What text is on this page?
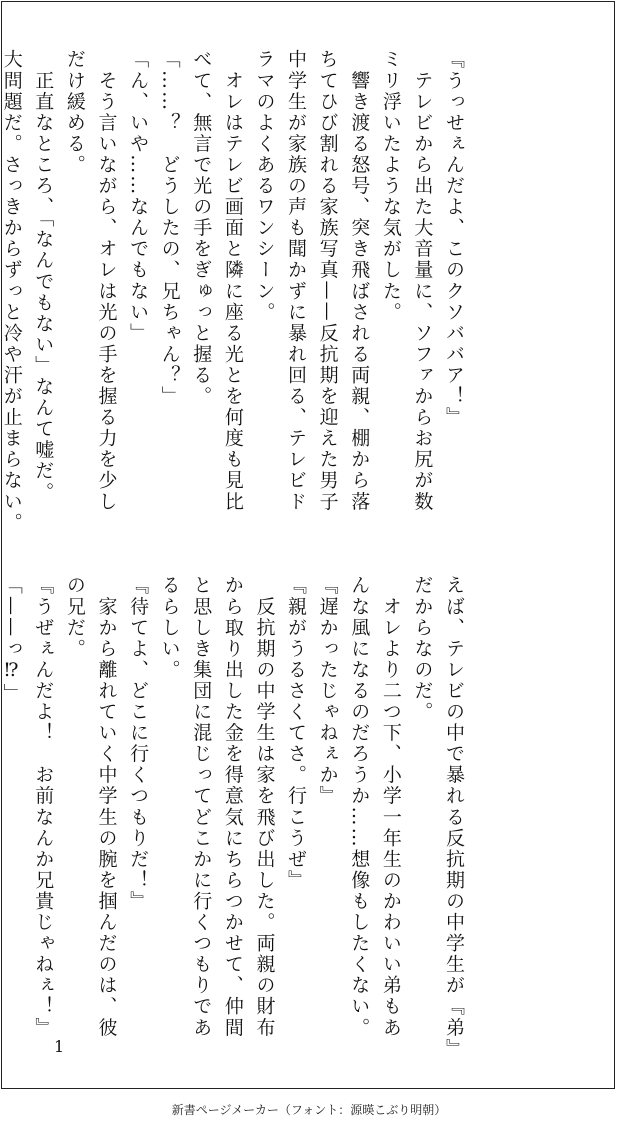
『うっせぇんだよ、このクソババア！』
　テレビから出た大音量に、ソファからお尻が数
ミリ浮いたような気がした。
　響き渡る怒号、突き飛ばされる両親、棚から落
ちてひび割れる家族写真——反抗期を迎えた男子
中学生が家族の声も聞かずに暴れ回る、テレビド
ラマのよくあるワンシーン。
　オレはテレビ画面と隣に座る光とを何度も見比
べて、無言で光の手をぎゅっと握る。
「……？　どうしたの、兄ちゃん？」
「ん、いや……なんでもない」
　そう言いながら、オレは光の手を握る力を少し
だけ緩める。
　正直なところ、「なんでもない」なんて嘘だ。
大問題だ。さっきからずっと冷や汗が止まらない。
えば、テレビの中で暴れる反抗期の中学生が『弟』
だからなのだ。
　オレより二つ下、小学一年生のかわいい弟もあ
んな風になるのだろうか……想像もしたくない。
『遅かったじゃねぇか』
『親がうるさくてさ。行こうぜ』
　反抗期の中学生は家を飛び出した。両親の財布
から取り出した金を得意気にちらつかせて、仲間
と思しき集団に混じってどこかに行くつもりであ
るらしい。
『待てよ、どこに行くつもりだ！』
　家から離れていく中学生の腕を掴んだのは、彼
の兄だ。
『うぜぇんだよ！　お前なんか兄貴じゃねぇ！』
「——っ⁉」
1
新書ページメーカー（フォント：源暎こぶり明朝）
